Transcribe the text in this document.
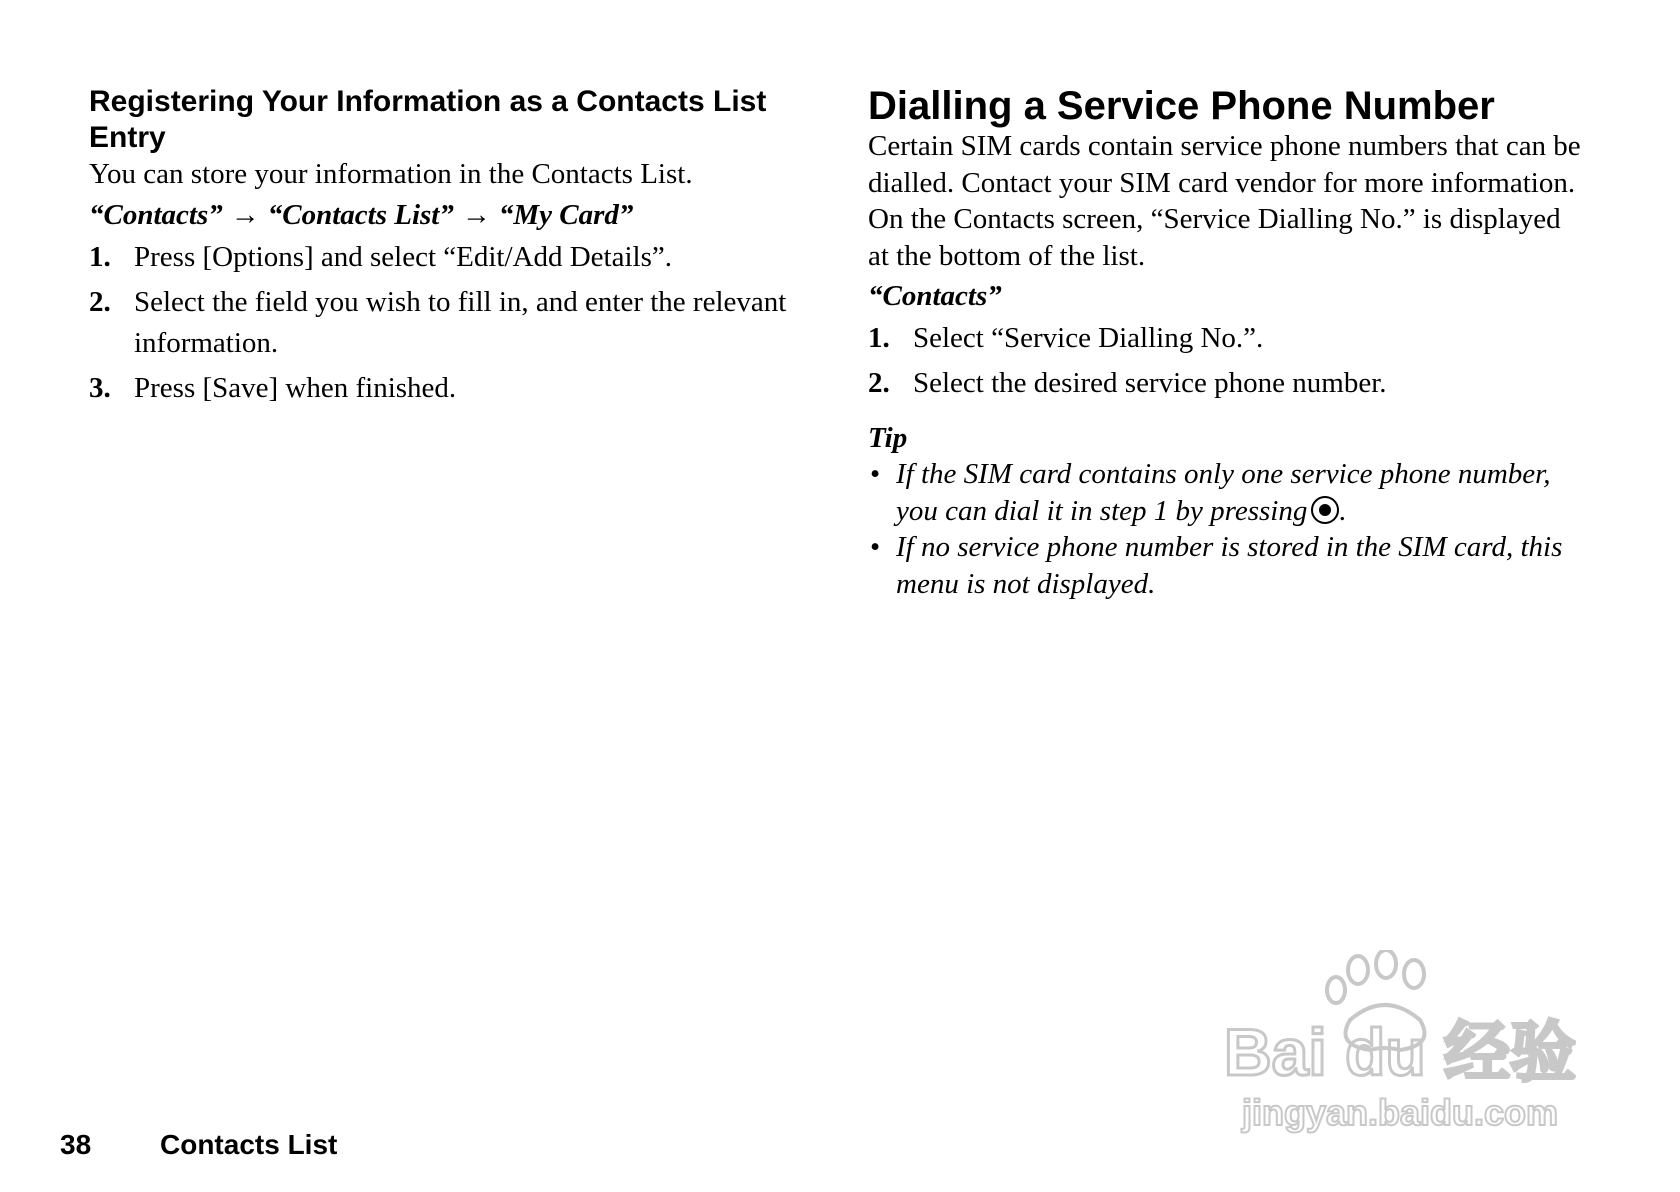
Registering Your Information as a Contacts List Entry

You can store your information in the Contacts List.

“Contacts” → “Contacts List” → “My Card”

1. Press [Options] and select “Edit/Add Details”.
2. Select the field you wish to fill in, and enter the relevant information.
3. Press [Save] when finished.
Dialling a Service Phone Number

Certain SIM cards contain service phone numbers that can be dialled. Contact your SIM card vendor for more information. On the Contacts screen, “Service Dialling No.” is displayed at the bottom of the list.

“Contacts”

1. Select “Service Dialling No.”.
2. Select the desired service phone number.

Tip

• If the SIM card contains only one service phone number, you can dial it in step 1 by pressing .
• If no service phone number is stored in the SIM card, this menu is not displayed.
38 Contacts List
Bai du 经验
jingyan.baidu.com
